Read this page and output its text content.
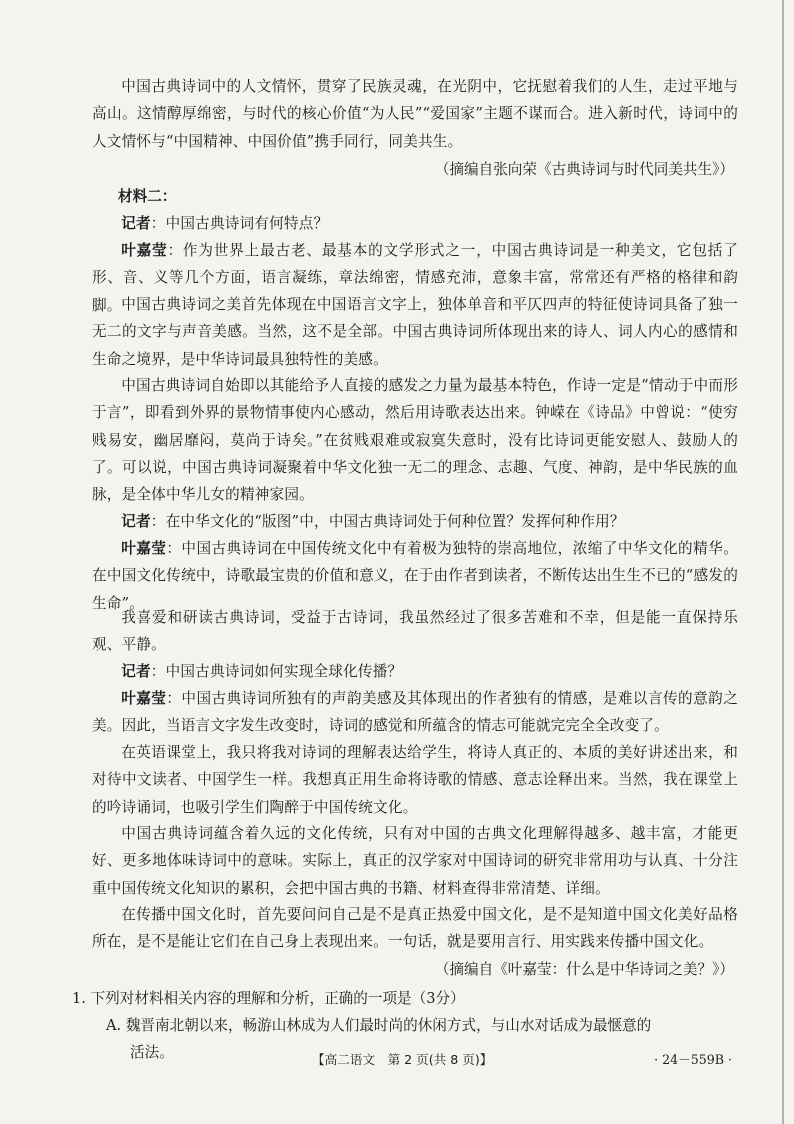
中国古典诗词中的人文情怀，贯穿了民族灵魂，在光阴中，它抚慰着我们的人生，走过平地与高山。这情醇厚绵密，与时代的核心价值“为人民”“爱国家”主题不谋而合。进入新时代，诗词中的人文情怀与“中国精神、中国价值”携手同行，同美共生。

（摘编自张向荣《古典诗词与时代同美共生》）

材料二：

记者：中国古典诗词有何特点？

叶嘉莹：作为世界上最古老、最基本的文学形式之一，中国古典诗词是一种美文，它包括了形、音、义等几个方面，语言凝练，章法绵密，情感充沛，意象丰富，常常还有严格的格律和韵脚。 中国古典诗词之美首先体现在中国语言文字上，独体单音和平仄四声的特征使诗词具备了独一无二的文字与声音美感。当然，这不是全部。中国古典诗词所体现出来的诗人、词人内心的感情和生命之境界，是中华诗词最具独特性的美感。

中国古典诗词自始即以其能给予人直接的感发之力量为最基本特色，作诗一定是“情动于中而形于言”，即看到外界的景物情事使内心感动，然后用诗歌表达出来。钟嵘在《诗品》中曾说：“使穷贱易安，幽居靡闷，莫尚于诗矣。”在贫贱艰难或寂寞失意时，没有比诗词更能安慰人、鼓励人的了。可以说，中国古典诗词凝聚着中华文化独一无二的理念、志趣、气度、神韵，是中华民族的血脉，是全体中华儿女的精神家园。

记者：在中华文化的“版图”中，中国古典诗词处于何种位置？发挥何种作用？

叶嘉莹：中国古典诗词在中国传统文化中有着极为独特的崇高地位，浓缩了中华文化的精华。在中国文化传统中，诗歌最宝贵的价值和意义，在于由作者到读者，不断传达出生生不已的“感发的生命”。

我喜爱和研读古典诗词，受益于古诗词，我虽然经过了很多苦难和不幸，但是能一直保持乐观、平静。

记者：中国古典诗词如何实现全球化传播？

叶嘉莹：中国古典诗词所独有的声韵美感及其体现出的作者独有的情感，是难以言传的意韵之美。因此，当语言文字发生改变时，诗词的感觉和所蕴含的情志可能就完完全全改变了。

在英语课堂上，我只将我对诗词的理解表达给学生，将诗人真正的、本质的美好讲述出来，和对待中文读者、中国学生一样。我想真正用生命将诗歌的情感、意志诠释出来。当然，我在课堂上的吟诗诵词，也吸引学生们陶醉于中国传统文化。

中国古典诗词蕴含着久远的文化传统，只有对中国的古典文化理解得越多、越丰富，才能更好、更多地体味诗词中的意味。实际上，真正的汉学家对中国诗词的研究非常用功与认真、十分注重中国传统文化知识的累积，会把中国古典的书籍、材料查得非常清楚、详细。

在传播中国文化时，首先要问问自己是不是真正热爱中国文化，是不是知道中国文化美好品格所在，是不是能让它们在自己身上表现出来。一句话，就是要用言行、用实践来传播中国文化。

（摘编自《叶嘉莹：什么是中华诗词之美？》）

1. 下列对材料相关内容的理解和分析，正确的一项是（3分）

A. 魏晋南北朝以来，畅游山林成为人们最时尚的休闲方式，与山水对话成为最惬意的

活法。	【高二语文　第 2 页(共 8 页)】	· 24－559B ·
